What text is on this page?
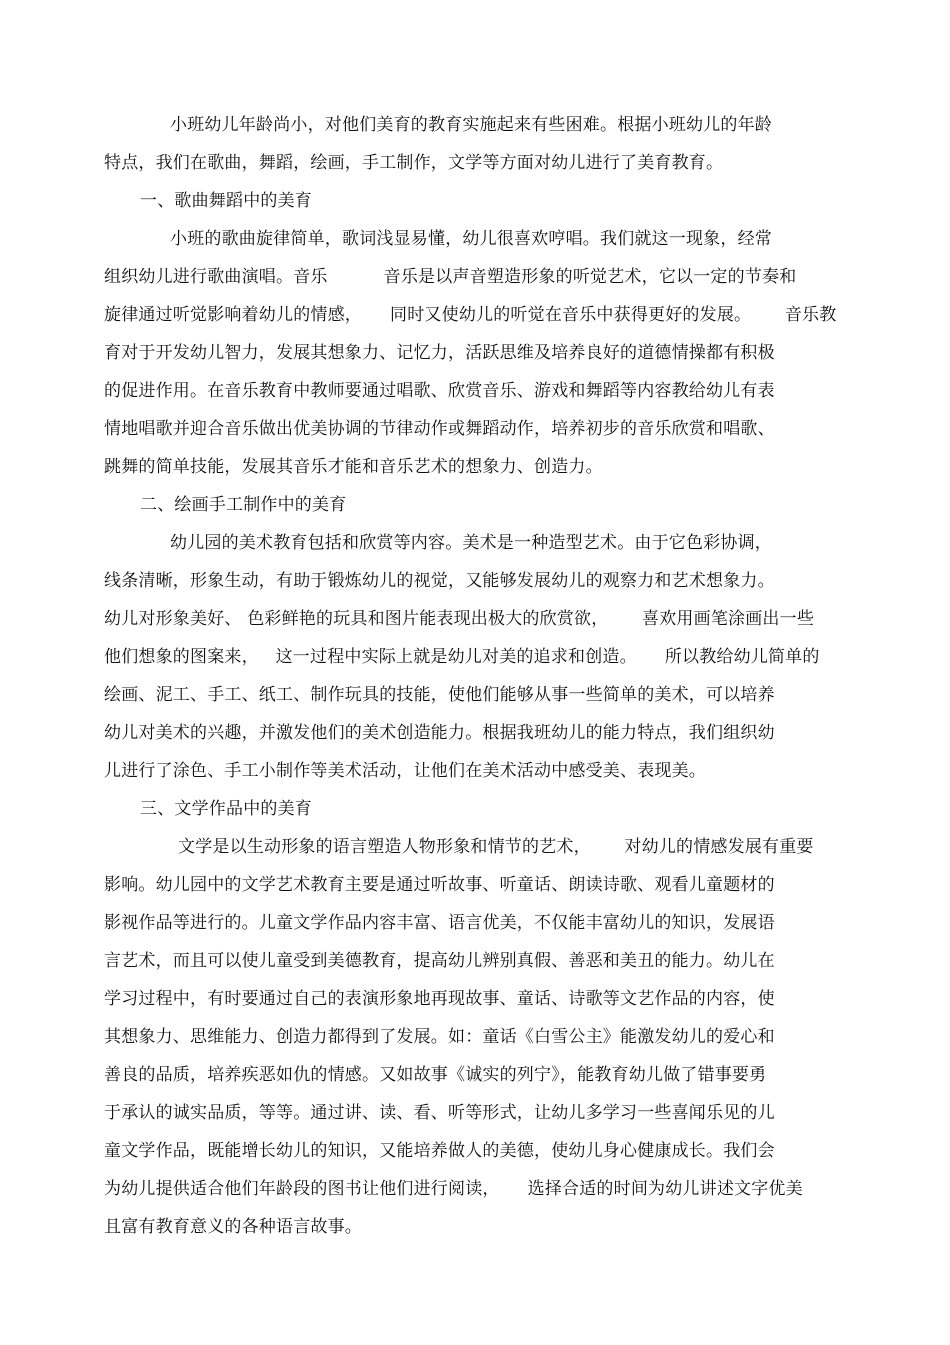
小班幼儿年龄尚小，对他们美育的教育实施起来有些困难。根据小班幼儿的年龄
特点，我们在歌曲，舞蹈，绘画，手工制作，文学等方面对幼儿进行了美育教育。
一、歌曲舞蹈中的美育
小班的歌曲旋律简单，歌词浅显易懂，幼儿很喜欢哼唱。我们就这一现象，经常
组织幼儿进行歌曲演唱。音乐          音乐是以声音塑造形象的听觉艺术，它以一定的节奏和
旋律通过听觉影响着幼儿的情感，     同时又使幼儿的听觉在音乐中获得更好的发展。      音乐教
育对于开发幼儿智力，发展其想象力、记忆力，活跃思维及培养良好的道德情操都有积极
的促进作用。在音乐教育中教师要通过唱歌、欣赏音乐、游戏和舞蹈等内容教给幼儿有表
情地唱歌并迎合音乐做出优美协调的节律动作或舞蹈动作，培养初步的音乐欣赏和唱歌、
跳舞的简单技能，发展其音乐才能和音乐艺术的想象力、创造力。
二、绘画手工制作中的美育
幼儿园的美术教育包括和欣赏等内容。美术是一种造型艺术。由于它色彩协调，
线条清晰，形象生动，有助于锻炼幼儿的视觉，又能够发展幼儿的观察力和艺术想象力。
幼儿对形象美好、 色彩鲜艳的玩具和图片能表现出极大的欣赏欲，      喜欢用画笔涂画出一些
他们想象的图案来，   这一过程中实际上就是幼儿对美的追求和创造。     所以教给幼儿简单的
绘画、泥工、手工、纸工、制作玩具的技能，使他们能够从事一些简单的美术，可以培养
幼儿对美术的兴趣，并激发他们的美术创造能力。根据我班幼儿的能力特点，我们组织幼
儿进行了涂色、手工小制作等美术活动，让他们在美术活动中感受美、表现美。
三、文学作品中的美育
文学是以生动形象的语言塑造人物形象和情节的艺术，      对幼儿的情感发展有重要
影响。幼儿园中的文学艺术教育主要是通过听故事、听童话、朗读诗歌、观看儿童题材的
影视作品等进行的。儿童文学作品内容丰富、语言优美，不仅能丰富幼儿的知识，发展语
言艺术，而且可以使儿童受到美德教育，提高幼儿辨别真假、善恶和美丑的能力。幼儿在
学习过程中，有时要通过自己的表演形象地再现故事、童话、诗歌等文艺作品的内容，使
其想象力、思维能力、创造力都得到了发展。如：童话《白雪公主》能激发幼儿的爱心和
善良的品质，培养疾恶如仇的情感。又如故事《诚实的列宁》，能教育幼儿做了错事要勇
于承认的诚实品质，等等。通过讲、读、看、听等形式，让幼儿多学习一些喜闻乐见的儿
童文学作品，既能增长幼儿的知识，又能培养做人的美德，使幼儿身心健康成长。我们会
为幼儿提供适合他们年龄段的图书让他们进行阅读，     选择合适的时间为幼儿讲述文字优美
且富有教育意义的各种语言故事。
